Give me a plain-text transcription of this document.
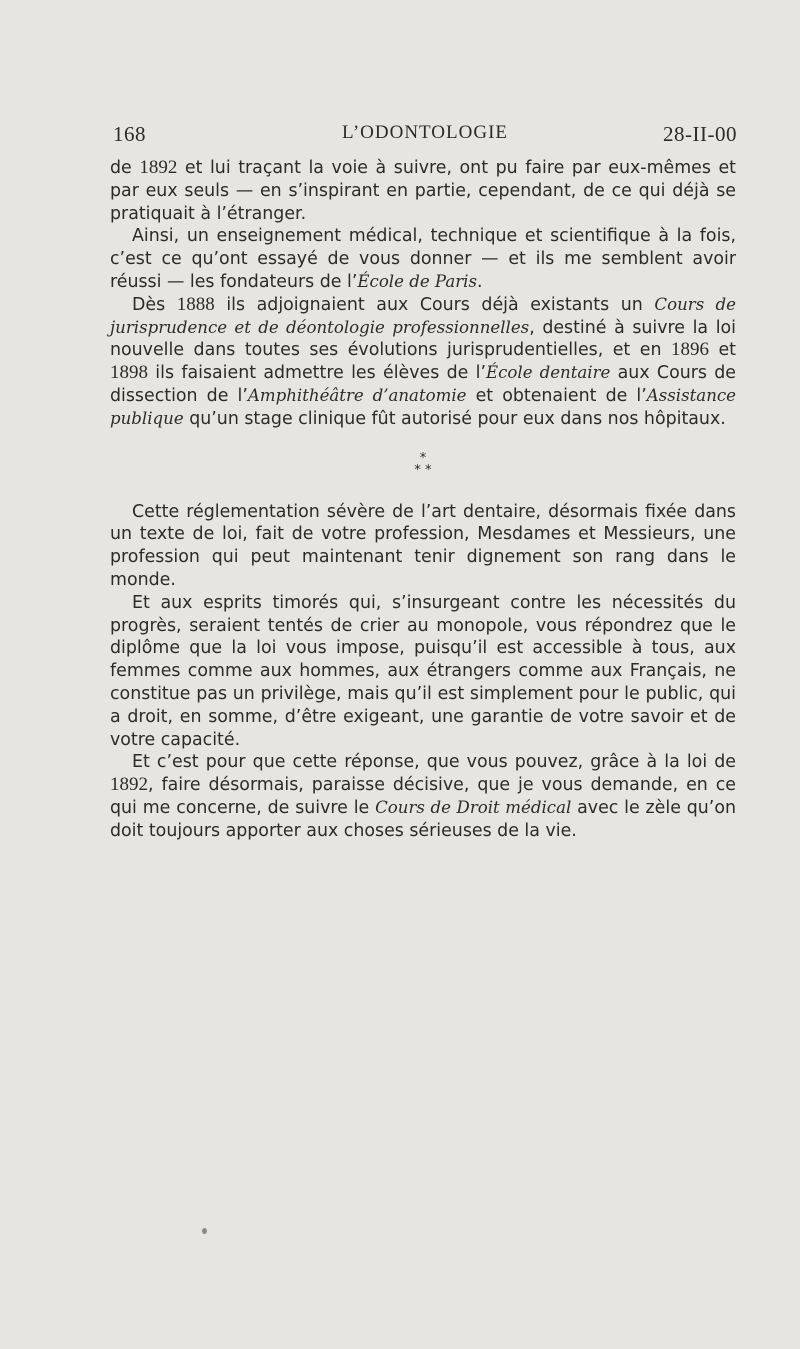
168	L’ODONTOLOGIE	28-II-00

de 1892 et lui traçant la voie à suivre, ont pu faire par eux-mêmes et par eux seuls — en s’inspirant en partie, cependant, de ce qui déjà se pratiquait à l’étranger.

Ainsi, un enseignement médical, technique et scientifique à la fois, c’est ce qu’ont essayé de vous donner — et ils me semblent avoir réussi — les fondateurs de l’École de Paris.

Dès 1888 ils adjoignaient aux Cours déjà existants un Cours de jurisprudence et de déontologie professionnelles, destiné à suivre la loi nouvelle dans toutes ses évolutions jurisprudentielles, et en 1896 et 1898 ils faisaient admettre les élèves de l’École dentaire aux Cours de dissection de l’Amphithéâtre d’anatomie et obtenaient de l’Assistance publique qu’un stage clinique fût autorisé pour eux dans nos hôpitaux.

*
* *

Cette réglementation sévère de l’art dentaire, désormais fixée dans un texte de loi, fait de votre profession, Mesdames et Messieurs, une profession qui peut maintenant tenir dignement son rang dans le monde.

Et aux esprits timorés qui, s’insurgeant contre les nécessités du progrès, seraient tentés de crier au monopole, vous répondrez que le diplôme que la loi vous impose, puisqu’il est accessible à tous, aux femmes comme aux hommes, aux étrangers comme aux Français, ne constitue pas un privilège, mais qu’il est simplement pour le public, qui a droit, en somme, d’être exigeant, une garantie de votre savoir et de votre capacité.

Et c’est pour que cette réponse, que vous pouvez, grâce à la loi de 1892, faire désormais, paraisse décisive, que je vous demande, en ce qui me concerne, de suivre le Cours de Droit médical avec le zèle qu’on doit toujours apporter aux choses sérieuses de la vie.
